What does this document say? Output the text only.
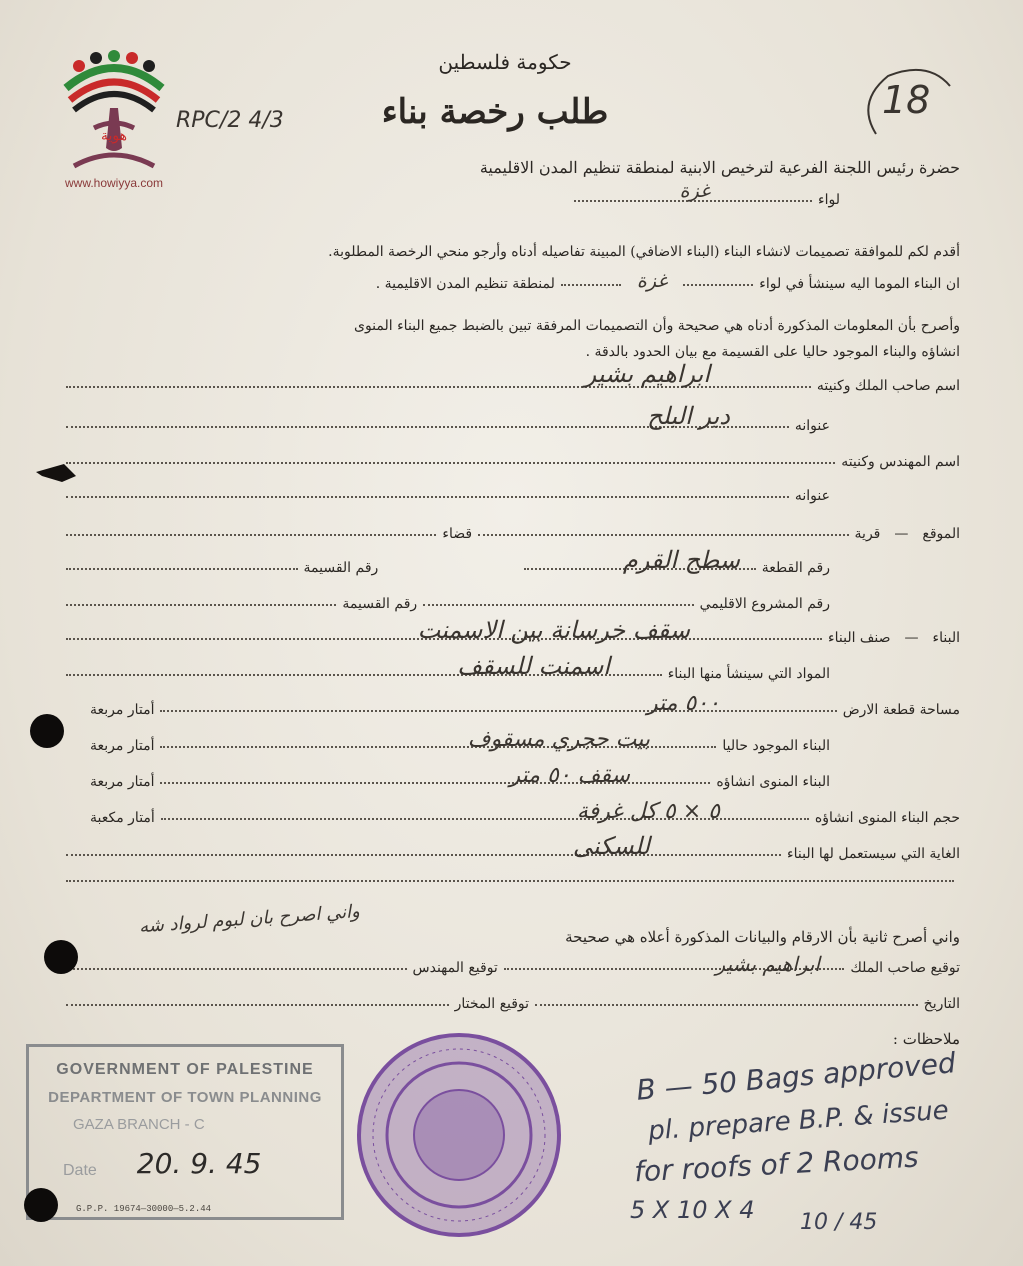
هوية
www.howiyya.com
حكومة فلسطين
طلب رخصة بناء
RPC/2 4/3	18
حضرة رئيس اللجنة الفرعية لترخيص الابنية لمنطقة تنظيم المدن الاقليمية
لواء
غزة
أقدم لكم للموافقة تصميمات لانشاء البناء (البناء الاضافي) المبينة تفاصيله أدناه وأرجو منحي الرخصة المطلوبة.
ان البناء الموما اليه سينشأ في لواء
غزة
لمنطقة تنظيم المدن الاقليمية .
وأصرح بأن المعلومات المذكورة أدناه هي صحيحة وأن التصميمات المرفقة تبين بالضبط جميع البناء المنوى
انشاؤه والبناء الموجود حاليا على القسيمة مع بيان الحدود بالدقة .
اسم صاحب الملك وكنيته
ابراهيم بشير
عنوانه
دير البلح
اسم المهندس وكنيته
عنوانه
الموقع
—
قرية
قضاء
رقم القطعة
سطح القرم
رقم القسيمة
رقم المشروع الاقليمي
رقم القسيمة
البناء
—
صنف البناء
سقف خرسانة بين الاسمنت
المواد التي سينشأ منها البناء
اسمنت للسقف
مساحة قطعة الارض
٥٠٠ متر
أمتار مربعة
البناء الموجود حاليا
بيت حجري مسقوف
أمتار مربعة
البناء المنوى انشاؤه
سقف ٥٠ متر
أمتار مربعة
حجم البناء المنوى انشاؤه
٥ × ٥ كل غرفة
أمتار مكعبة
الغاية التي سيستعمل لها البناء
للسكنى
واني اصرح بان لبوم لرواد شه	واني أصرح ثانية بأن الارقام والبيانات المذكورة أعلاه هي صحيحة
توقيع صاحب الملك
ابراهيم بشير
توقيع المهندس
التاريخ
توقيع المختار
ملاحظات :
GOVERNMENT OF PALESTINE
DEPARTMENT OF TOWN PLANNING
GAZA BRANCH - C
Date 20. 9. 45
G.P.P. 19674—30000—5.2.44
B — 50 Bags approved
pl. prepare B.P. & issue
for roofs of 2 Rooms
5 X 10 X 4 10 / 45
